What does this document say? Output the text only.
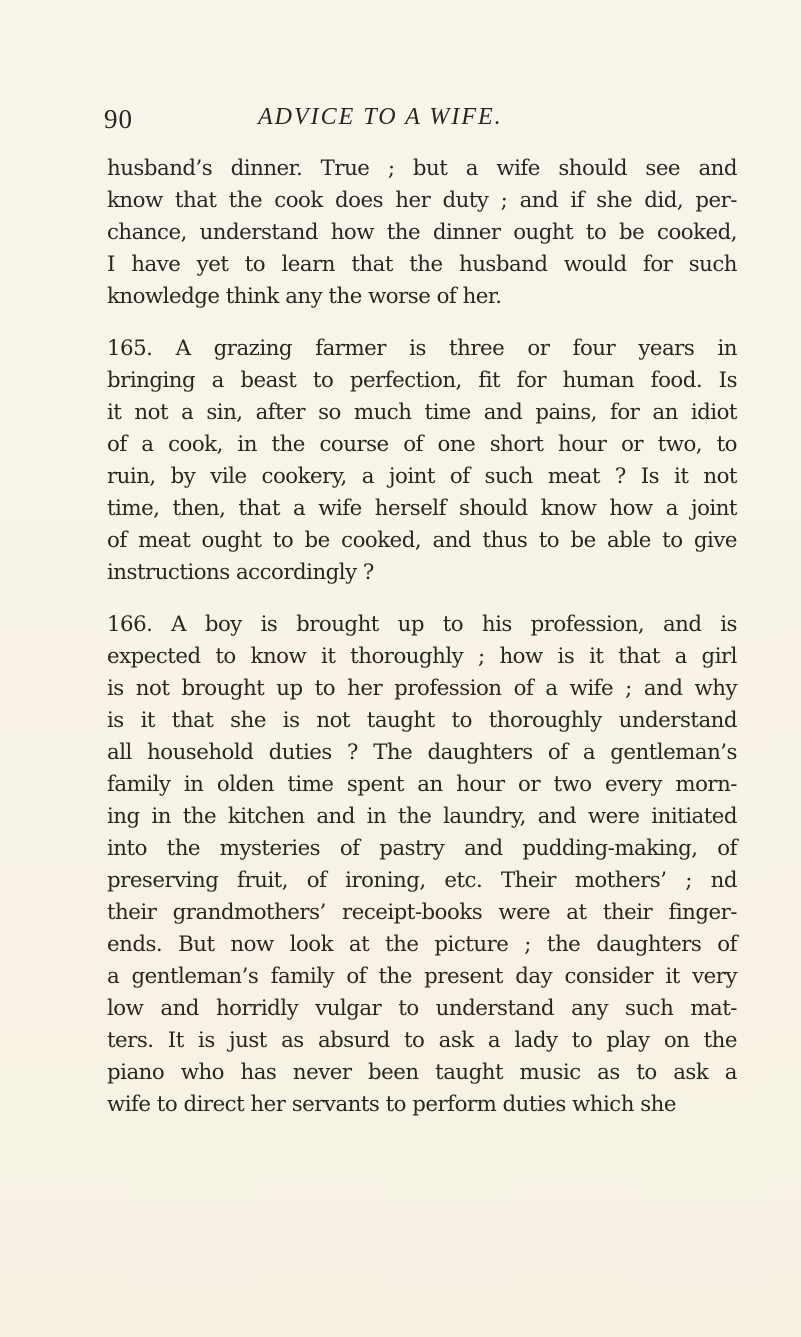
90	ADVICE TO A WIFE.
husband’s dinner. True ; but a wife should see and
know that the cook does her duty ; and if she did, per-
chance, understand how the dinner ought to be cooked,
I have yet to learn that the husband would for such
knowledge think any the worse of her.
165. A grazing farmer is three or four years in
bringing a beast to perfection, fit for human food. Is
it not a sin, after so much time and pains, for an idiot
of a cook, in the course of one short hour or two, to
ruin, by vile cookery, a joint of such meat ? Is it not
time, then, that a wife herself should know how a joint
of meat ought to be cooked, and thus to be able to give
instructions accordingly ?
166. A boy is brought up to his profession, and is
expected to know it thoroughly ; how is it that a girl
is not brought up to her profession of a wife ; and why
is it that she is not taught to thoroughly understand
all household duties ? The daughters of a gentleman’s
family in olden time spent an hour or two every morn-
ing in the kitchen and in the laundry, and were initiated
into the mysteries of pastry and pudding-making, of
preserving fruit, of ironing, etc. Their mothers’ ; nd
their grandmothers’ receipt-books were at their finger-
ends. But now look at the picture ; the daughters of
a gentleman’s family of the present day consider it very
low and horridly vulgar to understand any such mat-
ters. It is just as absurd to ask a lady to play on the
piano who has never been taught music as to ask a
wife to direct her servants to perform duties which she
